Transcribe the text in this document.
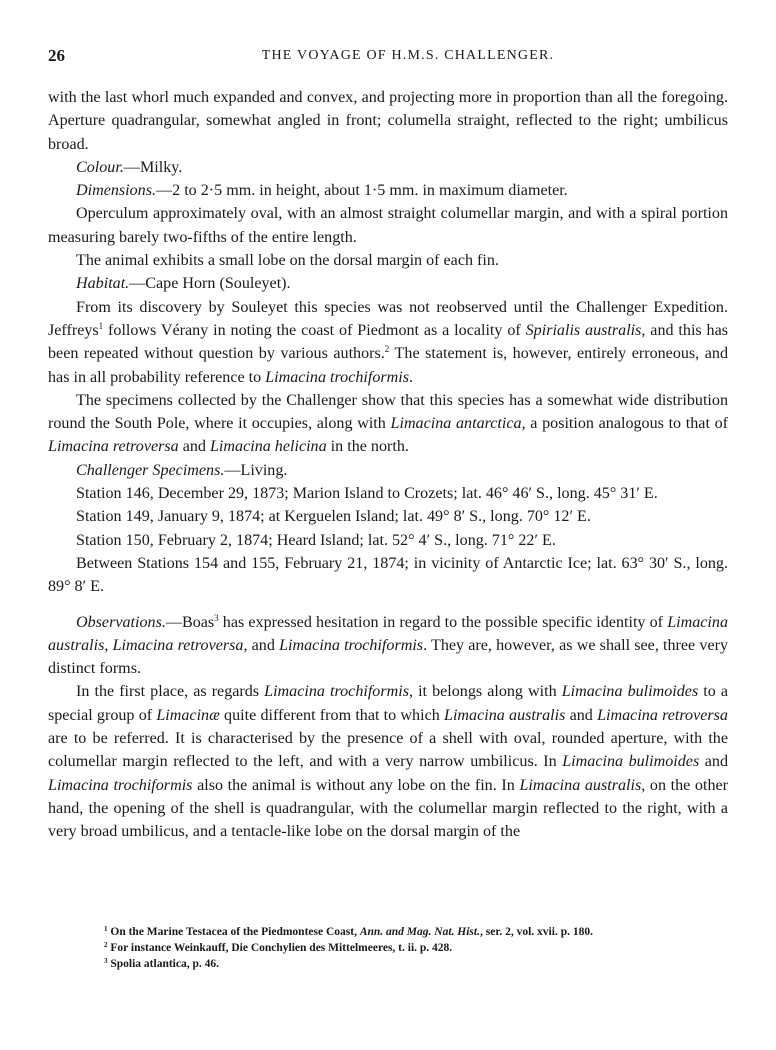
26	THE VOYAGE OF H.M.S. CHALLENGER.

with the last whorl much expanded and convex, and projecting more in proportion than all the foregoing. Aperture quadrangular, somewhat angled in front; columella straight, reflected to the right; umbilicus broad.

Colour.—Milky.

Dimensions.—2 to 2·5 mm. in height, about 1·5 mm. in maximum diameter.

Operculum approximately oval, with an almost straight columellar margin, and with a spiral portion measuring barely two-fifths of the entire length.

The animal exhibits a small lobe on the dorsal margin of each fin.

Habitat.—Cape Horn (Souleyet).

From its discovery by Souleyet this species was not reobserved until the Challenger Expedition. Jeffreys$^1$ follows Vérany in noting the coast of Piedmont as a locality of Spirialis australis, and this has been repeated without question by various authors.$^2$ The statement is, however, entirely erroneous, and has in all probability reference to Limacina trochiformis.

The specimens collected by the Challenger show that this species has a somewhat wide distribution round the South Pole, where it occupies, along with Limacina antarctica, a position analogous to that of Limacina retroversa and Limacina helicina in the north.

Challenger Specimens.—Living.

Station 146, December 29, 1873; Marion Island to Crozets; lat. 46° 46′ S., long. 45° 31′ E.

Station 149, January 9, 1874; at Kerguelen Island; lat. 49° 8′ S., long. 70° 12′ E.

Station 150, February 2, 1874; Heard Island; lat. 52° 4′ S., long. 71° 22′ E.

Between Stations 154 and 155, February 21, 1874; in vicinity of Antarctic Ice; lat. 63° 30′ S., long. 89° 8′ E.

Observations.—Boas$^3$ has expressed hesitation in regard to the possible specific identity of Limacina australis, Limacina retroversa, and Limacina trochiformis. They are, however, as we shall see, three very distinct forms.

In the first place, as regards Limacina trochiformis, it belongs along with Limacina bulimoides to a special group of Limacinæ quite different from that to which Limacina australis and Limacina retroversa are to be referred. It is characterised by the presence of a shell with oval, rounded aperture, with the columellar margin reflected to the left, and with a very narrow umbilicus. In Limacina bulimoides and Limacina trochiformis also the animal is without any lobe on the fin. In Limacina australis, on the other hand, the opening of the shell is quadrangular, with the columellar margin reflected to the right, with a very broad umbilicus, and a tentacle-like lobe on the dorsal margin of the

$^1$ On the Marine Testacea of the Piedmontese Coast, Ann. and Mag. Nat. Hist., ser. 2, vol. xvii. p. 180.
$^2$ For instance Weinkauff, Die Conchylien des Mittelmeeres, t. ii. p. 428.
$^3$ Spolia atlantica, p. 46.
